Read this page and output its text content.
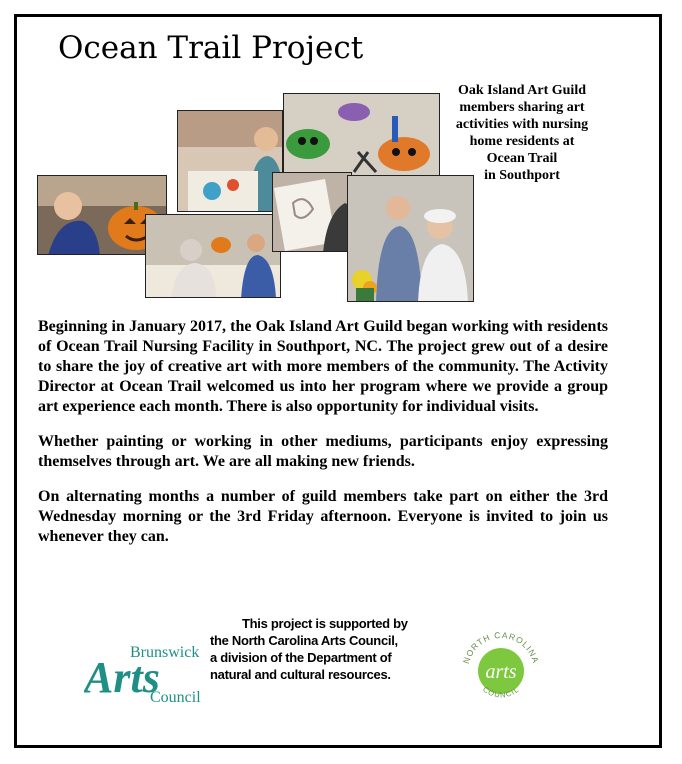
Ocean Trail Project
Oak Island Art Guild
members sharing art
activities with nursing
home residents at
Ocean Trail
in Southport

Beginning in January 2017, the Oak Island Art Guild began working with residents of Ocean Trail Nursing Facility in Southport, NC. The project grew out of a desire to share the joy of creative art with more members of the community. The Activity Director at Ocean Trail welcomed us into her program where we provide a group art experience each month. There is also opportunity for individual visits.

Whether painting or working in other mediums, participants enjoy expressing themselves through art. We are all making new friends.

On alternating months a number of guild members take part on either the 3rd Wednesday morning or the 3rd Friday afternoon. Everyone is invited to join us whenever they can.

Brunswick
Arts
Council
This project is supported by
the North Carolina Arts Council,
a division of the Department of
natural and cultural resources.
NORTH CAROLINA
arts
COUNCIL
